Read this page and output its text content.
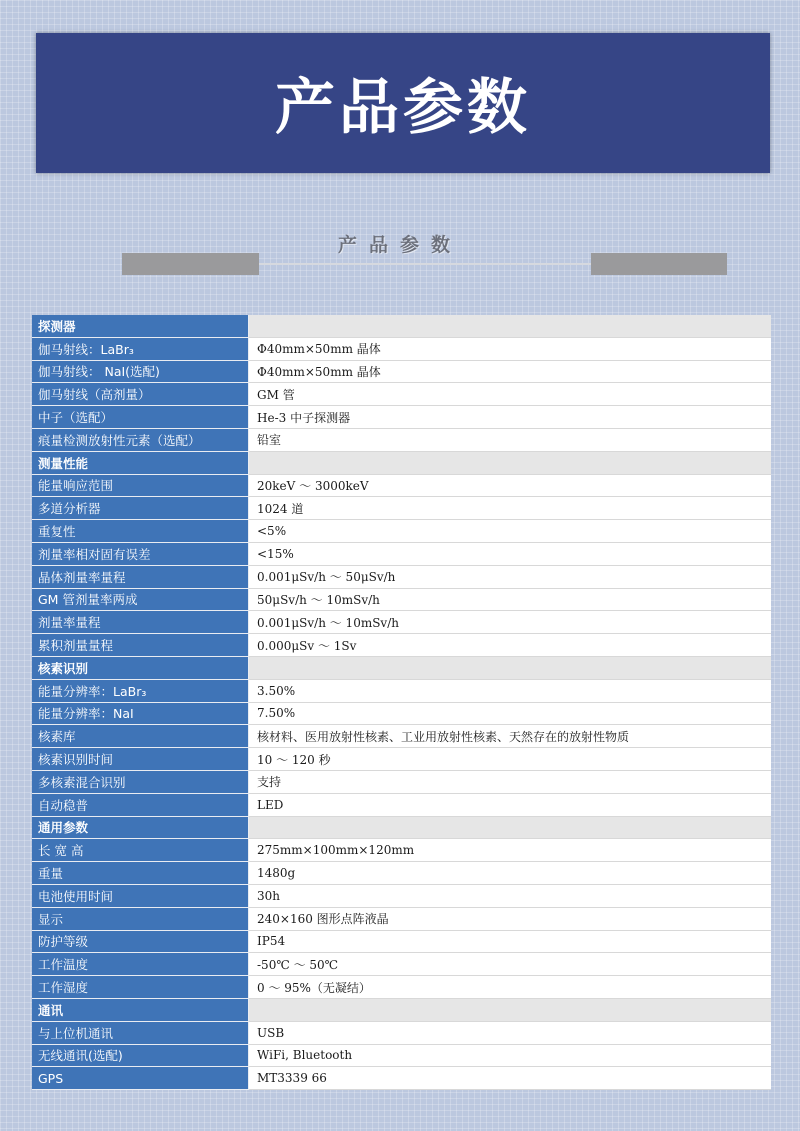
产品参数
产品参数
探测器
伽马射线：LaBr₃	Φ40mm×50mm 晶体
伽马射线： NaI(选配)	Φ40mm×50mm 晶体
伽马射线（高剂量）	GM 管
中子（选配）	He-3 中子探测器
痕量检测放射性元素（选配）	铅室
测量性能
能量响应范围	20keV ～ 3000keV
多道分析器	1024 道
重复性	<5%
剂量率相对固有误差	<15%
晶体剂量率量程	0.001μSv/h ～ 50μSv/h
GM 管剂量率两成	50μSv/h ～ 10mSv/h
剂量率量程	0.001μSv/h ～ 10mSv/h
累积剂量量程	0.000μSv ～ 1Sv
核素识别
能量分辨率：LaBr₃	3.50%
能量分辨率：NaI	7.50%
核素库	核材料、医用放射性核素、工业用放射性核素、天然存在的放射性物质
核素识别时间	10 ～ 120 秒
多核素混合识别	支持
自动稳普	LED
通用参数
长 宽 高	275mm×100mm×120mm
重量	1480g
电池使用时间	30h
显示	240×160 图形点阵液晶
防护等级	IP54
工作温度	-50℃ ～ 50℃
工作湿度	0 ～ 95%（无凝结）
通讯
与上位机通讯	USB
无线通讯(选配)	WiFi, Bluetooth
GPS	MT3339 66
